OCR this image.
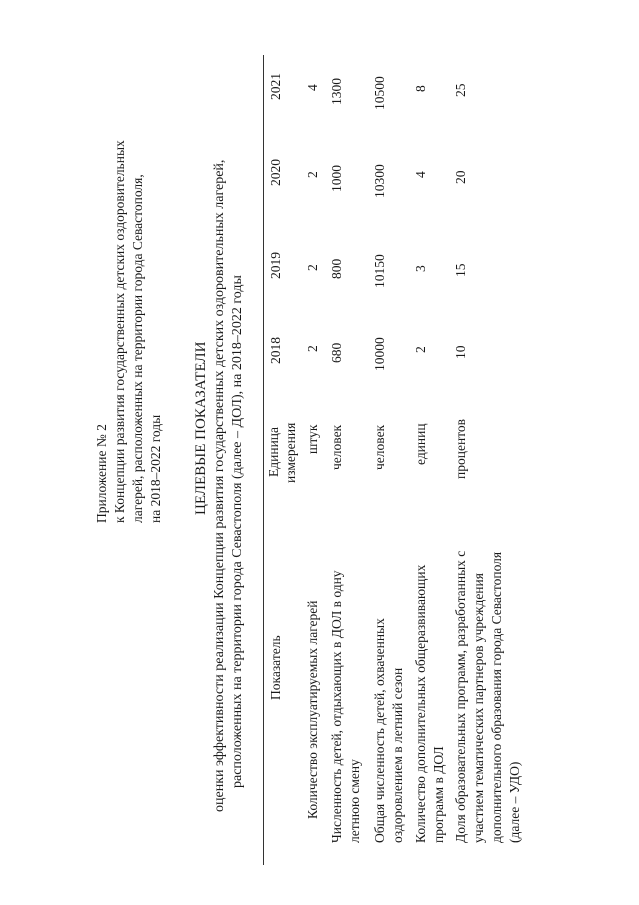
Приложение № 2 к Концепции развития государственных детских оздоровительных лагерей, расположенных на территории города Севастополя, на 2018–2022 годы ЦЕЛЕВЫЕ ПОКАЗАТЕЛИ оценки эффективности реализации Концепции развития государственных детских оздоровительных лагерей, расположенных на территории города Севастополя (далее – ДОЛ), на 2018–2022 годы Показатель
Единица измерения
2018
2019
2020
2021
Количество эксплуатируемых лагерей
штук
2
2
2
4
Численность детей, отдыхающих в ДОЛ в одну летнюю смену
человек
680
800
1000
1300
Общая численность детей, охваченных оздоровлением в летний сезон
человек
10000
10150
10300
10500
Количество дополнительных общеразвивающих программ в ДОЛ
единиц
2
3
4
8
Доля образовательных программ, разработанных с участием тематических партнеров учреждения дополнительного образования города Севастополя (далее – УДО)
процентов
10
15
20
25
